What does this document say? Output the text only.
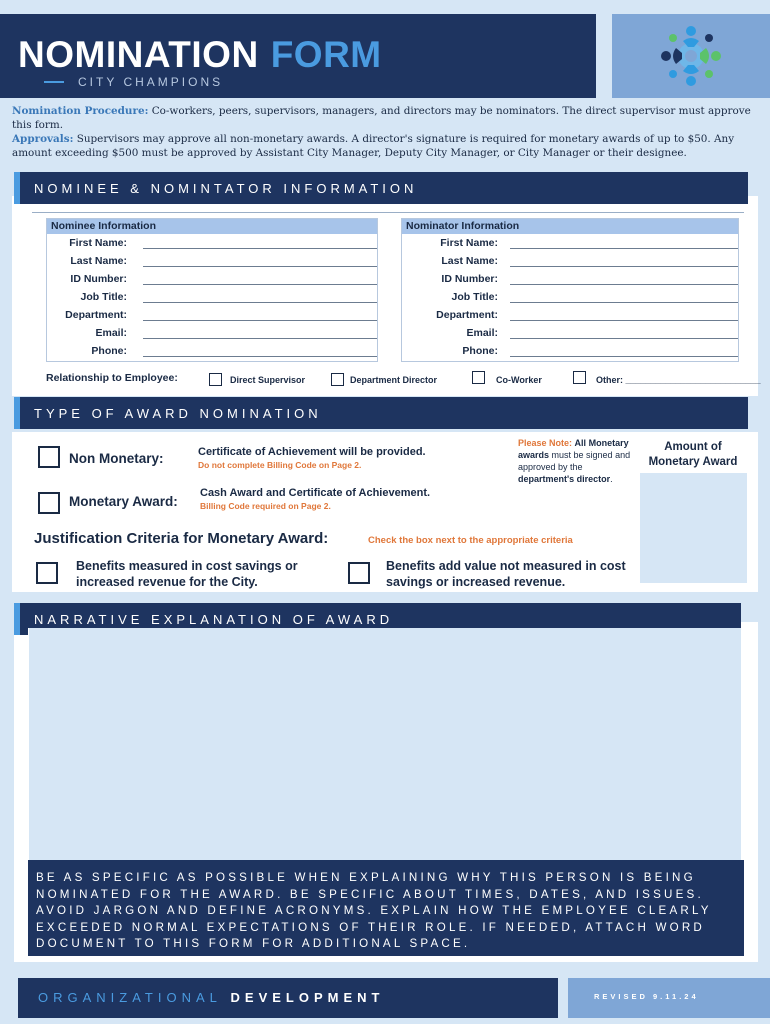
NOMINATION FORM
CITY CHAMPIONS
Nomination Procedure: Co-workers, peers, supervisors, managers, and directors may be nominators. The direct supervisor must approve this form.
Approvals: Supervisors may approve all non-monetary awards. A director's signature is required for monetary awards of up to $50. Any amount exceeding $500 must be approved by Assistant City Manager, Deputy City Manager, or City Manager or their designee.
NOMINEE & NOMINTATOR INFORMATION
Nominee Information
First Name:
Last Name:
ID Number:
Job Title:
Department:
Email:
Phone:
Nominator Information
First Name:
Last Name:
ID Number:
Job Title:
Department:
Email:
Phone:
Relationship to Employee:	Direct Supervisor	Department Director	Co-Worker	Other: ___________________________
TYPE OF AWARD NOMINATION
Non Monetary:	Certificate of Achievement will be provided.
Do not complete Billing Code on Page 2.
Monetary Award:
Cash Award and Certificate of Achievement.
Billing Code required on Page 2.
Please Note: All Monetary awards must be signed and approved by the department's director.
Amount of Monetary Award
Justification Criteria for Monetary Award:	Check the box next to the appropriate criteria
Benefits measured in cost savings or increased revenue for the City.
Benefits add value not measured in cost savings or increased revenue.
NARRATIVE EXPLANATION OF AWARD
BE AS SPECIFIC AS POSSIBLE WHEN EXPLAINING WHY THIS PERSON IS BEING NOMINATED FOR THE AWARD. BE SPECIFIC ABOUT TIMES, DATES, AND ISSUES. AVOID JARGON AND DEFINE ACRONYMS. EXPLAIN HOW THE EMPLOYEE CLEARLY EXCEEDED NORMAL EXPECTATIONS OF THEIR ROLE. IF NEEDED, ATTACH WORD DOCUMENT TO THIS FORM FOR ADDITIONAL SPACE.
ORGANIZATIONAL DEVELOPMENT	REVISED 9.11.24
